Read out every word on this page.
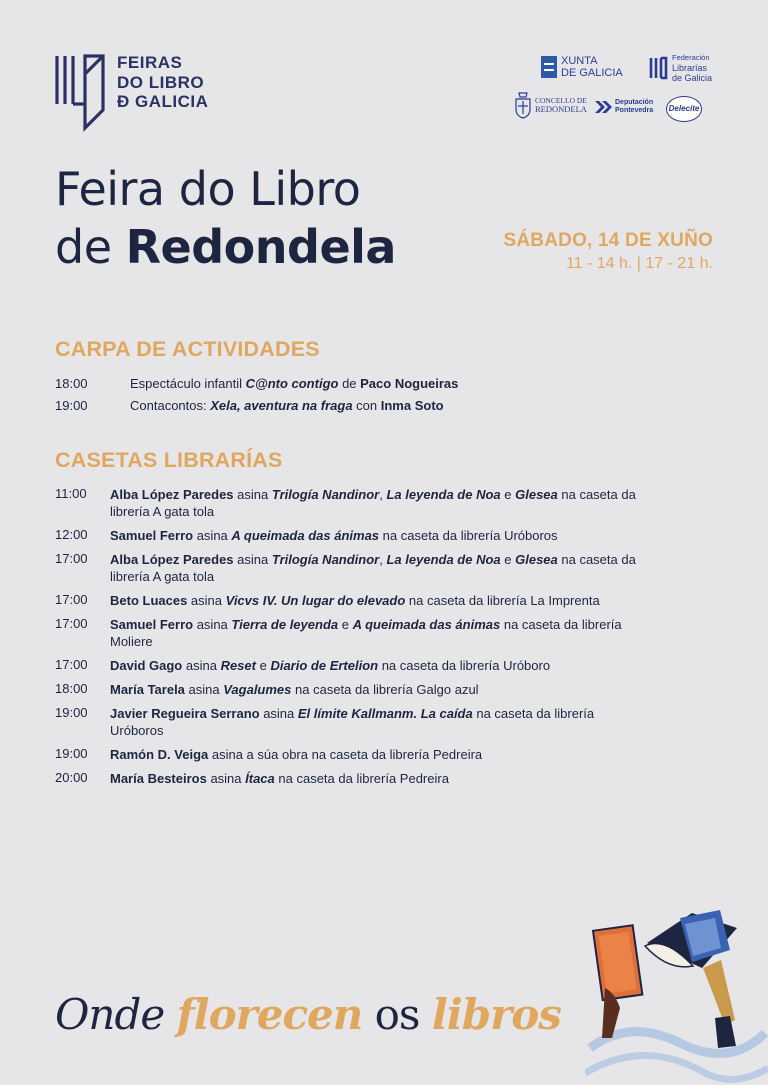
FEIRAS
DO LIBRO
Ð GALICIA
XUNTA
DE GALICIA
Federación
Librarías
de Galicia
CONCELLO DE
REDONDELA
Deputación
Pontevedra	Delecite
Feira do Libro
de Redondela	SÁBADO, 14 DE XUÑO
11 - 14 h. | 17 - 21 h.
CARPA DE ACTIVIDADES
18:00	Espectáculo infantil C@nto contigo de Paco Nogueiras
19:00	Contacontos: Xela, aventura na fraga con Inma Soto
CASETAS LIBRARÍAS
11:00	Alba López Paredes asina Trilogía Nandinor, La leyenda de Noa e Glesea na caseta da librería A gata tola
12:00	Samuel Ferro asina A queimada das ánimas na caseta da librería Uróboros
17:00	Alba López Paredes asina Trilogía Nandinor, La leyenda de Noa e Glesea na caseta da librería A gata tola
17:00	Beto Luaces asina Vicvs IV. Un lugar do elevado na caseta da librería La Imprenta
17:00	Samuel Ferro asina Tierra de leyenda e A queimada das ánimas na caseta da librería Moliere
17:00	David Gago asina Reset e Diario de Ertelion na caseta da librería Uróboro
18:00	María Tarela asina Vagalumes na caseta da librería Galgo azul
19:00	Javier Regueira Serrano asina El límite Kallmanm. La caída na caseta da librería Uróboros
19:00	Ramón D. Veiga asina a súa obra na caseta da librería Pedreira
20:00	María Besteiros asina Ítaca na caseta da librería Pedreira
Onde florecen os libros
